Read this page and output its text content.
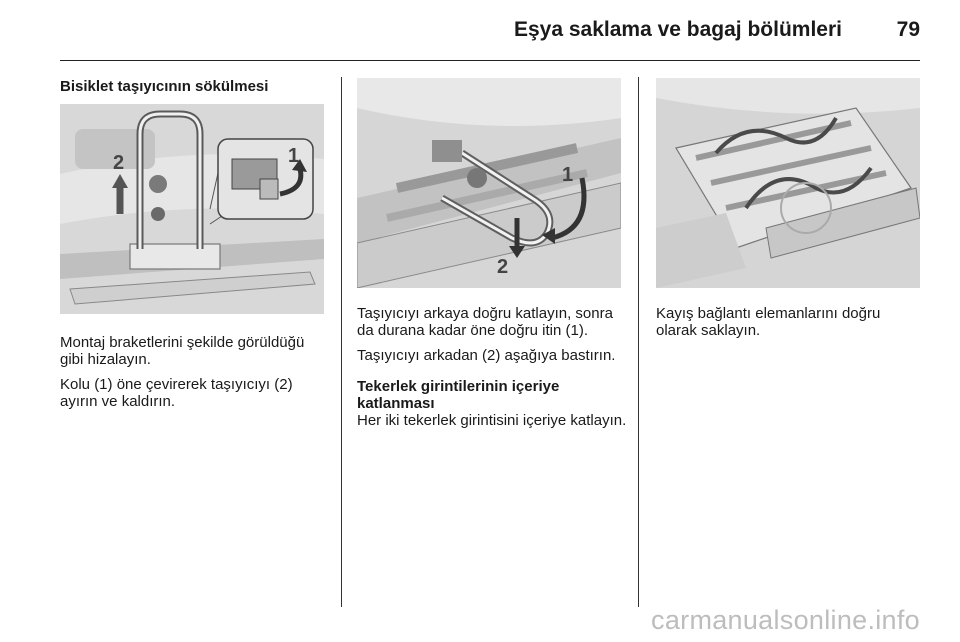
Eşya saklama ve bagaj bölümleri	79
Bisiklet taşıyıcının sökülmesi
2	1

Montaj braketlerini şekilde görüldüğü gibi hizalayın.

Kolu (1) öne çevirerek taşıyıcıyı (2) ayırın ve kaldırın.

1
2

Taşıyıcıyı arkaya doğru katlayın, sonra da durana kadar öne doğru itin (1).

Taşıyıcıyı arkadan (2) aşağıya bastırın.

Tekerlek girintilerinin içeriye katlanması

Her iki tekerlek girintisini içeriye katlayın.

Kayış bağlantı elemanlarını doğru olarak saklayın.

carmanualsonline.info
